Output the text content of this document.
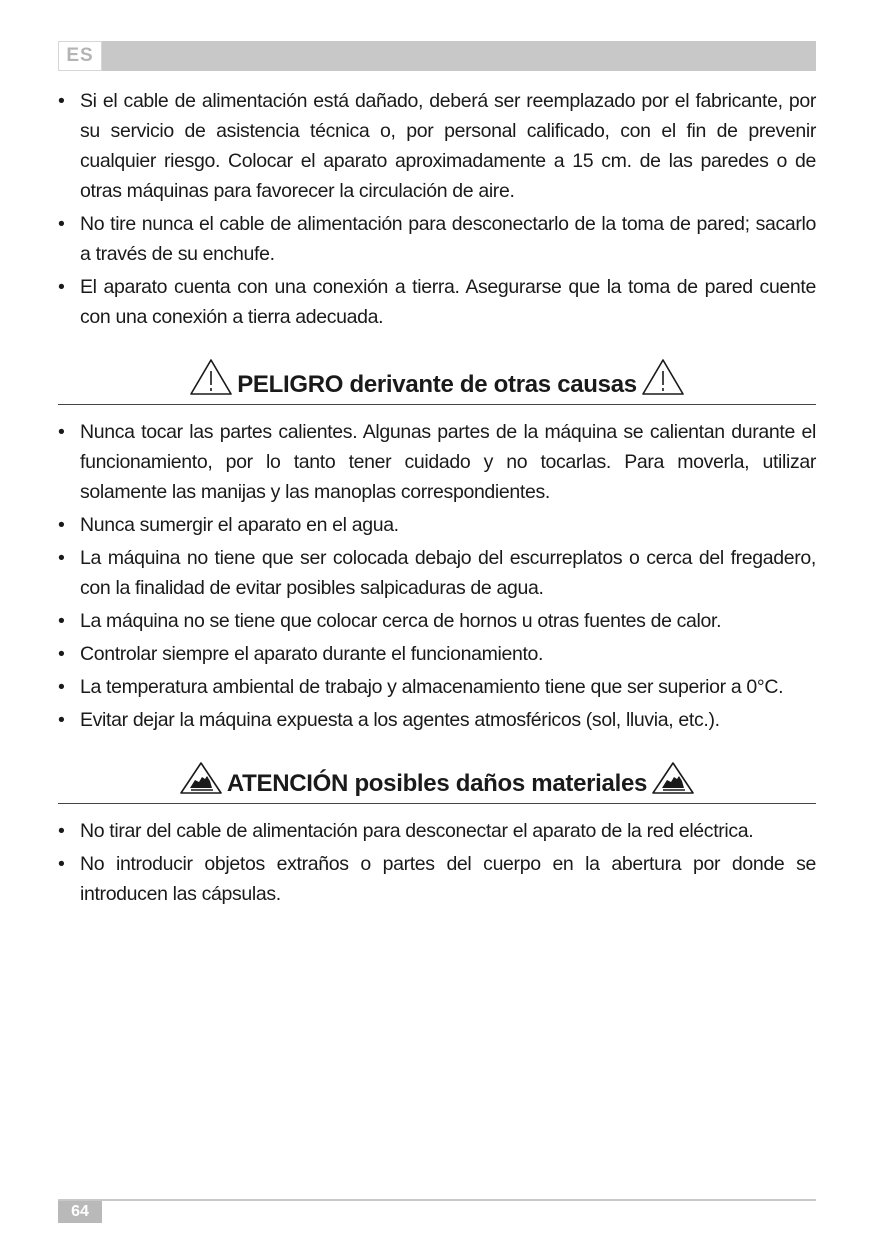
ES
• Si el cable de alimentación está dañado, deberá ser reemplazado por el fabricante, por su servicio de asistencia técnica o, por personal calificado, con el fin de prevenir cualquier riesgo. Colocar el aparato aproximadamente a 15 cm. de las paredes o de otras máquinas para favorecer la circulación de aire.
• No tire nunca el cable de alimentación para desconectarlo de la toma de pared; sacarlo a través de su enchufe.
• El aparato cuenta con una conexión a tierra. Asegurarse que la toma de pared cuente con una conexión a tierra adecuada.
PELIGRO derivante de otras causas
• Nunca tocar las partes calientes. Algunas partes de la máquina se calientan durante el funcionamiento, por lo tanto tener cuidado y no tocarlas. Para moverla, utilizar solamente las manijas y las manoplas correspondientes.
• Nunca sumergir el aparato en el agua.
• La máquina no tiene que ser colocada debajo del escurreplatos o cerca del fregadero, con la finalidad de evitar posibles salpicaduras de agua.
• La máquina no se tiene que colocar cerca de hornos u otras fuentes de calor.
• Controlar siempre el aparato durante el funcionamiento.
• La temperatura ambiental de trabajo y almacenamiento tiene que ser superior a 0°C.
• Evitar dejar la máquina expuesta a los agentes atmosféricos (sol, lluvia, etc.).
ATENCIÓN posibles daños materiales
• No tirar del cable de alimentación para desconectar el aparato de la red eléctrica.
• No introducir objetos extraños o partes del cuerpo en la abertura por donde se introducen las cápsulas.
64
